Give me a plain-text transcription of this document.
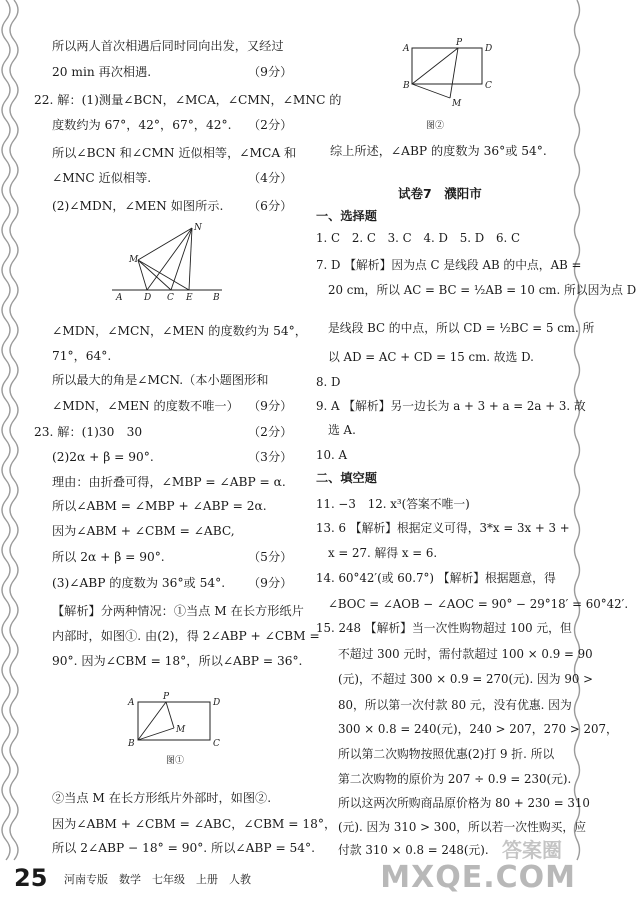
N
M
A D C E B
A
P
D
M
B	C
图①
A
P
D
B	C
M
图②
综上所述，∠ABP 的度数为 36°或 54°.
试卷7　濮阳市
一、选择题
二、填空题
25 河南专版　数学　七年级　上册　人教
答案圈
MXQE.COM
所以两人首次相遇后同时同向出发，又经过
20 min 再次相遇.	（9分）
22. 解：(1)测量∠BCN，∠MCA，∠CMN，∠MNC 的
度数约为 67°，42°，67°，42°. （2分）
所以∠BCN 和∠CMN 近似相等，∠MCA 和
∠MNC 近似相等.	（4分）
(2)∠MDN，∠MEN 如图所示. （6分）
∠MDN，∠MCN，∠MEN 的度数约为 54°，
71°，64°.
所以最大的角是∠MCN.（本小题图形和
∠MDN，∠MEN 的度数不唯一） （9分）
23. 解：(1)30　30	（2分）
(2)2α + β = 90°.	（3分）
理由：由折叠可得，∠MBP = ∠ABP = α.
所以∠ABM = ∠MBP + ∠ABP = 2α.
因为∠ABM + ∠CBM = ∠ABC,
所以 2α + β = 90°.	（5分）
(3)∠ABP 的度数为 36°或 54°. （9分）
【解析】分两种情况：①当点 M 在长方形纸片
内部时，如图①. 由(2)，得 2∠ABP + ∠CBM =
90°. 因为∠CBM = 18°，所以∠ABP = 36°.
②当点 M 在长方形纸片外部时，如图②.
因为∠ABM + ∠CBM = ∠ABC，∠CBM = 18°，
所以 2∠ABP − 18° = 90°. 所以∠ABP = 54°.
1. C　2. C　3. C　4. D　5. D　6. C
7. D 【解析】因为点 C 是线段 AB 的中点，AB =
20 cm，所以 AC = BC = ½AB = 10 cm. 所以因为点 D
是线段 BC 的中点，所以 CD = ½BC = 5 cm. 所
以 AD = AC + CD = 15 cm. 故选 D.
8. D
9. A 【解析】另一边长为 a + 3 + a = 2a + 3. 故
选 A.
10. A
11. −3　12. x³(答案不唯一)
13. 6 【解析】根据定义可得，3*x = 3x + 3 +
x = 27. 解得 x = 6.
14. 60°42′(或 60.7°) 【解析】根据题意，得
∠BOC = ∠AOB − ∠AOC = 90° − 29°18′ = 60°42′.
15. 248 【解析】当一次性购物超过 100 元，但
不超过 300 元时，需付款超过 100 × 0.9 = 90
(元)，不超过 300 × 0.9 = 270(元). 因为 90 >
80，所以第一次付款 80 元，没有优惠. 因为
300 × 0.8 = 240(元)，240 > 207，270 > 207，
所以第二次购物按照优惠(2)打 9 折. 所以
第二次购物的原价为 207 ÷ 0.9 = 230(元).
所以这两次所购商品原价格为 80 + 230 = 310
(元). 因为 310 > 300，所以若一次性购买，应
付款 310 × 0.8 = 248(元).
